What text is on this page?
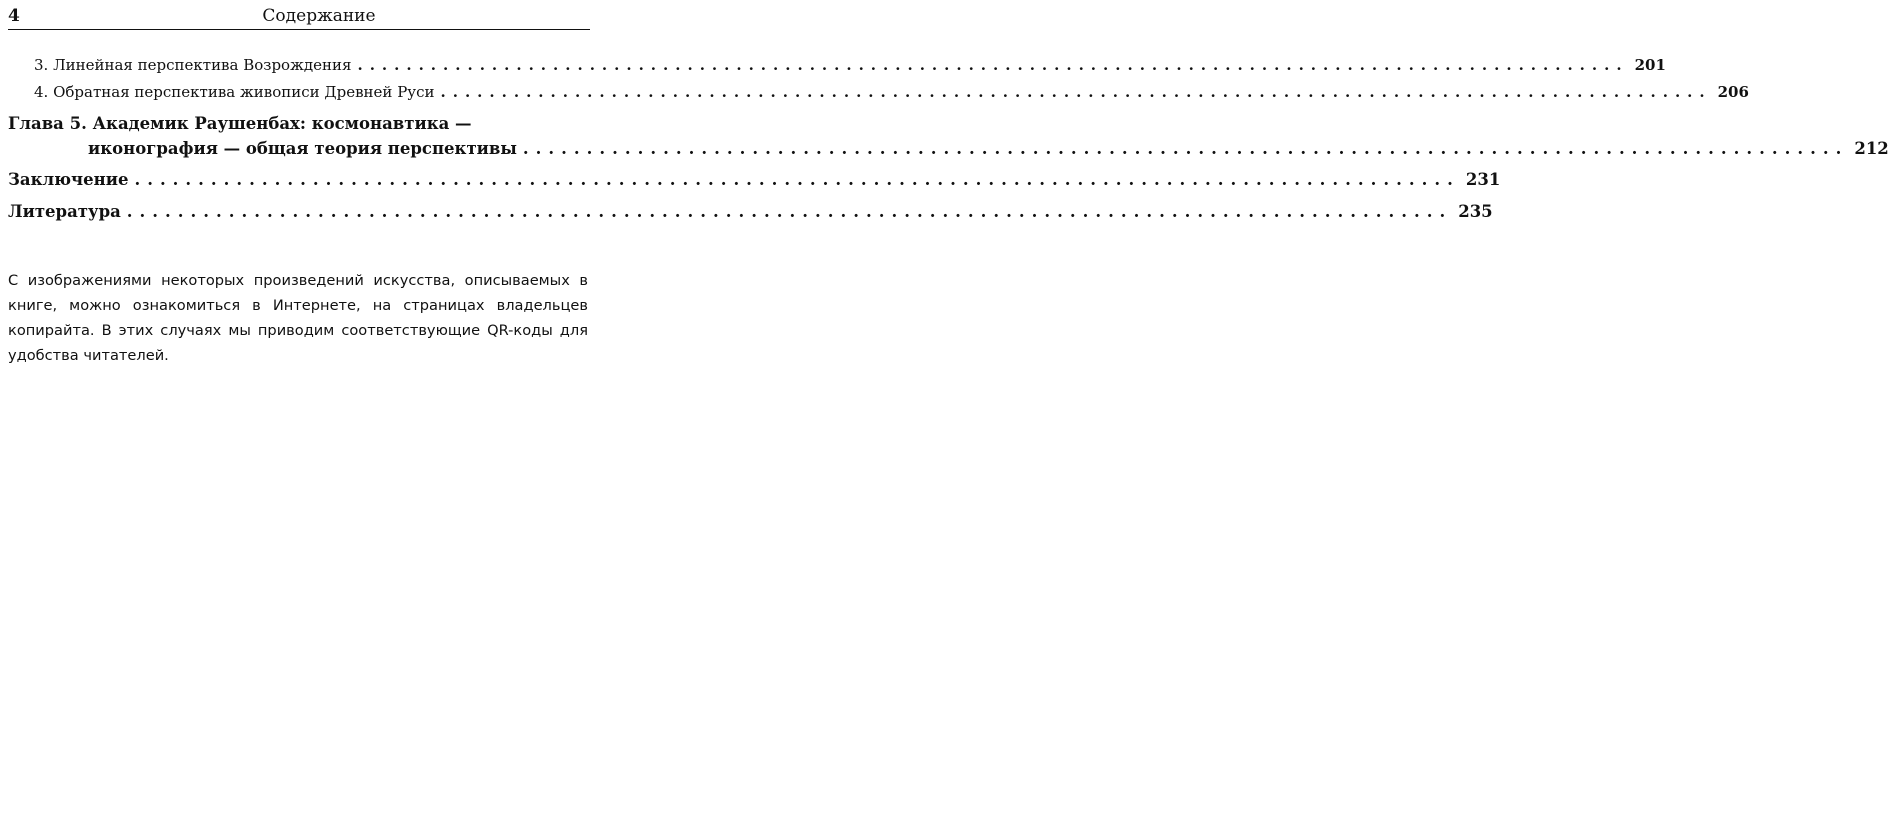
4	Содержание
3. Линейная перспектива Возрождения ........................................................................................................ 201
4. Обратная перспектива живописи Древней Руси ........................................................................................................ 206
Глава 5. Академик Раушенбах: космонавтика —
иконография — общая теория перспективы ........................................................................................................ 212
Заключение ........................................................................................................ 231
Литература ........................................................................................................ 235
С изображениями некоторых произведений искусства, описываемых в книге, можно ознакомиться в Интернете, на страницах владельцев копирайта. В этих случаях мы приводим соответствующие QR-коды для удобства читателей.
